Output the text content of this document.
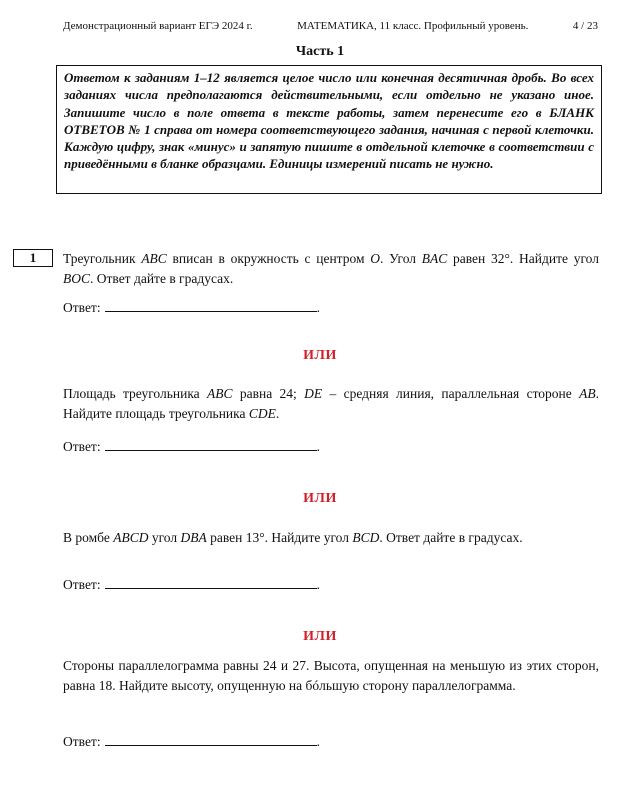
Демонстрационный вариант ЕГЭ 2024 г.	МАТЕМАТИКА, 11 класс. Профильный уровень.	4 / 23
Часть 1
Ответом к заданиям 1–12 является целое число или конечная десятичная дробь. Во всех заданиях числа предполагаются действительными, если отдельно не указано иное. Запишите число в поле ответа в тексте работы, затем перенесите его в БЛАНК ОТВЕТОВ № 1 справа от номера соответствующего задания, начиная с первой клеточки. Каждую цифру, знак «минус» и запятую пишите в отдельной клеточке в соответствии с приведёнными в бланке образцами. Единицы измерений писать не нужно.
1	Треугольник ABC вписан в окружность с центром O. Угол BAC равен 32°. Найдите угол BOC. Ответ дайте в градусах.
Ответ:	.
ИЛИ
Площадь треугольника ABC равна 24; DE – средняя линия, параллельная стороне AB. Найдите площадь треугольника CDE.
Ответ:	.
ИЛИ
В ромбе ABCD угол DBA равен 13°. Найдите угол BCD. Ответ дайте в градусах.
Ответ:	.
ИЛИ
Стороны параллелограмма равны 24 и 27. Высота, опущенная на меньшую из этих сторон, равна 18. Найдите высоту, опущенную на бóльшую сторону параллелограмма.
Ответ:	.
